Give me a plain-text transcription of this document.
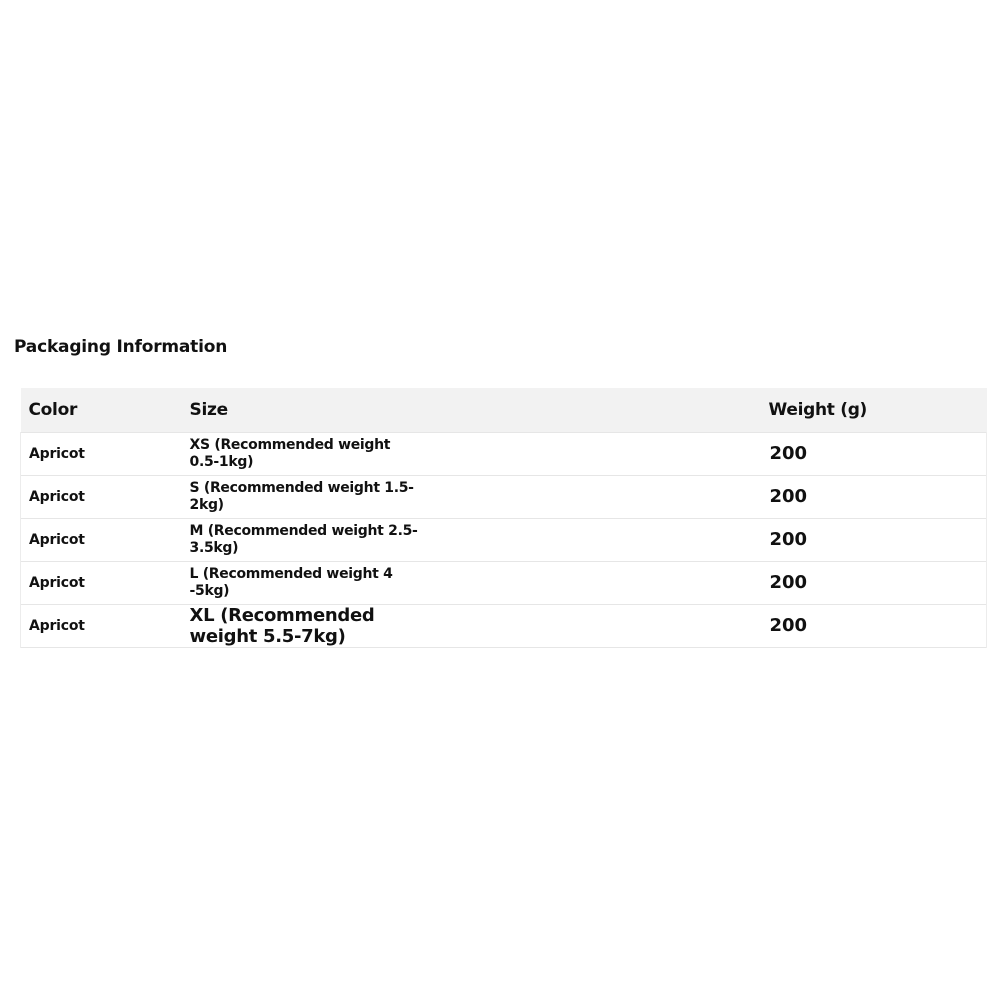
Packaging Information
Color	Size	Weight (g)
Apricot	XS (Recommended weight 0.5-1kg)	200
Apricot	S (Recommended weight 1.5-2kg)	200
Apricot	M (Recommended weight 2.5-3.5kg)	200
Apricot	L (Recommended weight 4 -5kg)	200
Apricot	XL (Recommended weight 5.5-7kg)	200
